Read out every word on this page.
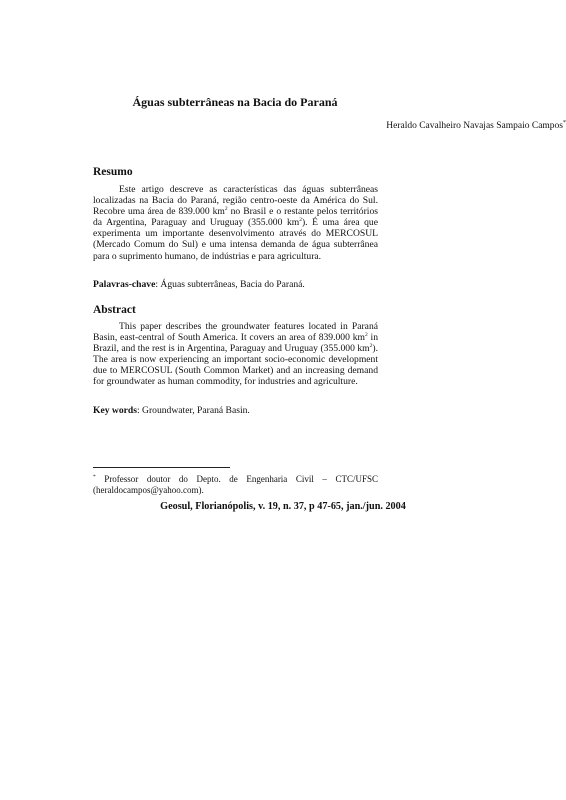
Águas subterrâneas na Bacia do Paraná
Heraldo Cavalheiro Navajas Sampaio Campos*
Resumo
Este artigo descreve as características das águas subterrâneas localizadas na Bacia do Paraná, região centro-oeste da América do Sul. Recobre uma área de 839.000 $km^2$ no Brasil e o restante pelos territórios da Argentina, Paraguay and Uruguay (355.000 $km^2$). É uma área que experimenta um importante desenvolvimento através do MERCOSUL (Mercado Comum do Sul) e uma intensa demanda de água subterrânea para o suprimento humano, de indústrias e para agricultura.
Palavras-chave: Águas subterrâneas, Bacia do Paraná.
Abstract
This paper describes the groundwater features located in Paraná Basin, east-central of South America. It covers an area of 839.000 $km^2$ in Brazil, and the rest is in Argentina, Paraguay and Uruguay (355.000 $km^2$). The area is now experiencing an important socio-economic development due to MERCOSUL (South Common Market) and an increasing demand for groundwater as human commodity, for industries and agriculture.
Key words: Groundwater, Paraná Basin.
* Professor doutor do Depto. de Engenharia Civil – CTC/UFSC (heraldocampos@yahoo.com).
Geosul, Florianópolis, v. 19, n. 37, p 47-65, jan./jun. 2004
